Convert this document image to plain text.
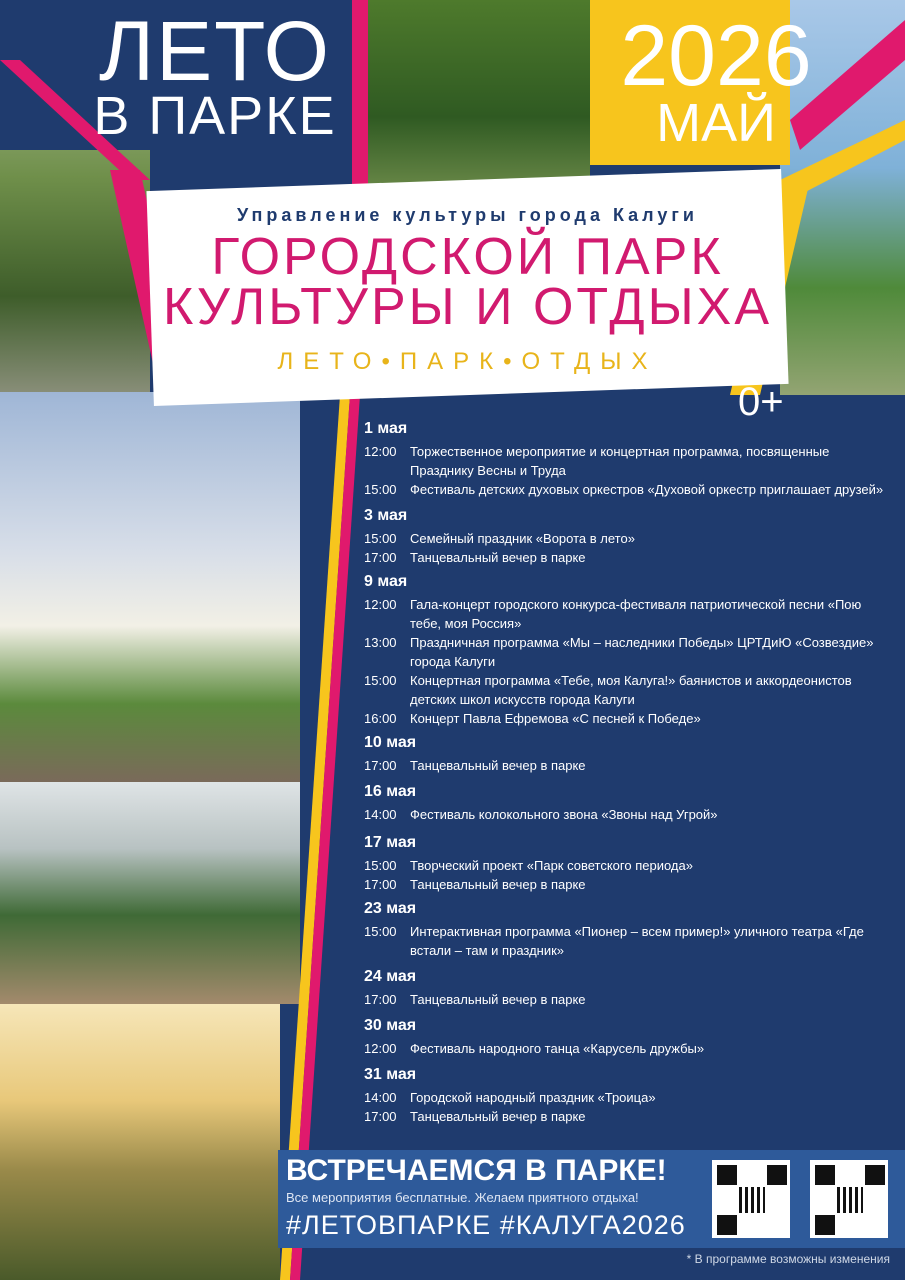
ЛЕТО
В ПАРКЕ
2026
МАЙ
Управление культуры города Калуги
ГОРОДСКОЙ ПАРК
КУЛЬТУРЫ И ОТДЫХА
ЛЕТО•ПАРК•ОТДЫХ
0+
1 мая
12:00	Торжественное мероприятие и концертная программа, посвященные Празднику Весны и Труда
15:00	Фестиваль детских духовых оркестров «Духовой оркестр приглашает друзей»
3 мая
15:00	Семейный праздник «Ворота в лето»
17:00	Танцевальный вечер в парке
9 мая
12:00	Гала-концерт городского конкурса-фестиваля патриотической песни «Пою тебе, моя Россия»
13:00	Праздничная программа «Мы – наследники Победы» ЦРТДиЮ «Созвездие» города Калуги
15:00	Концертная программа «Тебе, моя Калуга!» баянистов и аккордеонистов детских школ искусств города Калуги
16:00	Концерт Павла Ефремова «С песней к Победе»
10 мая
17:00	Танцевальный вечер в парке
16 мая
14:00	Фестиваль колокольного звона «Звоны над Угрой»
17 мая
15:00	Творческий проект «Парк советского периода»
17:00	Танцевальный вечер в парке
23 мая
15:00	Интерактивная программа «Пионер – всем пример!» уличного театра «Где встали – там и праздник»
24 мая
17:00	Танцевальный вечер в парке
30 мая
12:00	Фестиваль народного танца «Карусель дружбы»
31 мая
14:00	Городской народный праздник «Троица»
17:00	Танцевальный вечер в парке
ВСТРЕЧАЕМСЯ В ПАРКЕ!
Все мероприятия бесплатные. Желаем приятного отдыха!
#ЛЕТОВПАРКЕ #КАЛУГА2026
* В программе возможны изменения
